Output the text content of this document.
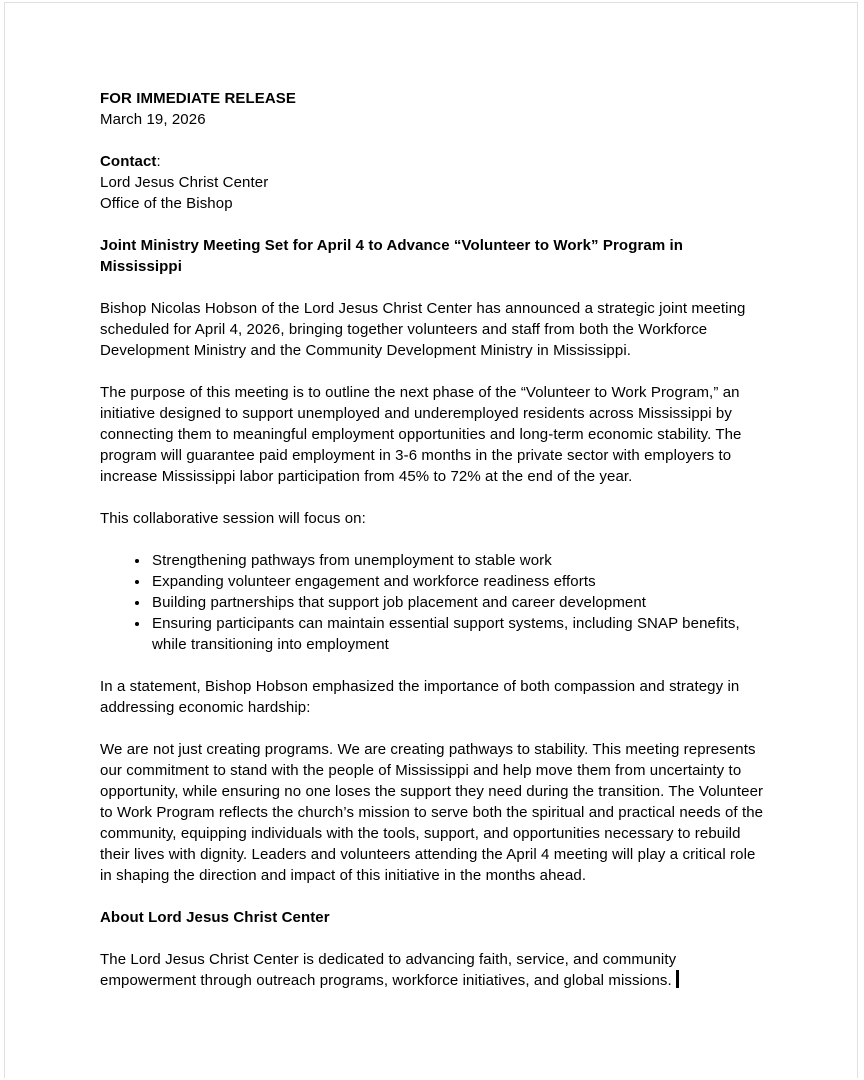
FOR IMMEDIATE RELEASE
March 19, 2026
Contact:
Lord Jesus Christ Center
Office of the Bishop

Joint Ministry Meeting Set for April 4 to Advance “Volunteer to Work” Program in Mississippi

Bishop Nicolas Hobson of the Lord Jesus Christ Center has announced a strategic joint meeting scheduled for April 4, 2026, bringing together volunteers and staff from both the Workforce Development Ministry and the Community Development Ministry in Mississippi.

The purpose of this meeting is to outline the next phase of the “Volunteer to Work Program,” an initiative designed to support unemployed and underemployed residents across Mississippi by connecting them to meaningful employment opportunities and long-term economic stability. The program will guarantee paid employment in 3-6 months in the private sector with employers to increase Mississippi labor participation from 45% to 72% at the end of the year.

This collaborative session will focus on:

• Strengthening pathways from unemployment to stable work
• Expanding volunteer engagement and workforce readiness efforts
• Building partnerships that support job placement and career development
• Ensuring participants can maintain essential support systems, including SNAP benefits, while transitioning into employment

In a statement, Bishop Hobson emphasized the importance of both compassion and strategy in addressing economic hardship:

We are not just creating programs. We are creating pathways to stability. This meeting represents our commitment to stand with the people of Mississippi and help move them from uncertainty to opportunity, while ensuring no one loses the support they need during the transition. The Volunteer to Work Program reflects the church’s mission to serve both the spiritual and practical needs of the community, equipping individuals with the tools, support, and opportunities necessary to rebuild their lives with dignity. Leaders and volunteers attending the April 4 meeting will play a critical role in shaping the direction and impact of this initiative in the months ahead.

About Lord Jesus Christ Center

The Lord Jesus Christ Center is dedicated to advancing faith, service, and community empowerment through outreach programs, workforce initiatives, and global missions.
